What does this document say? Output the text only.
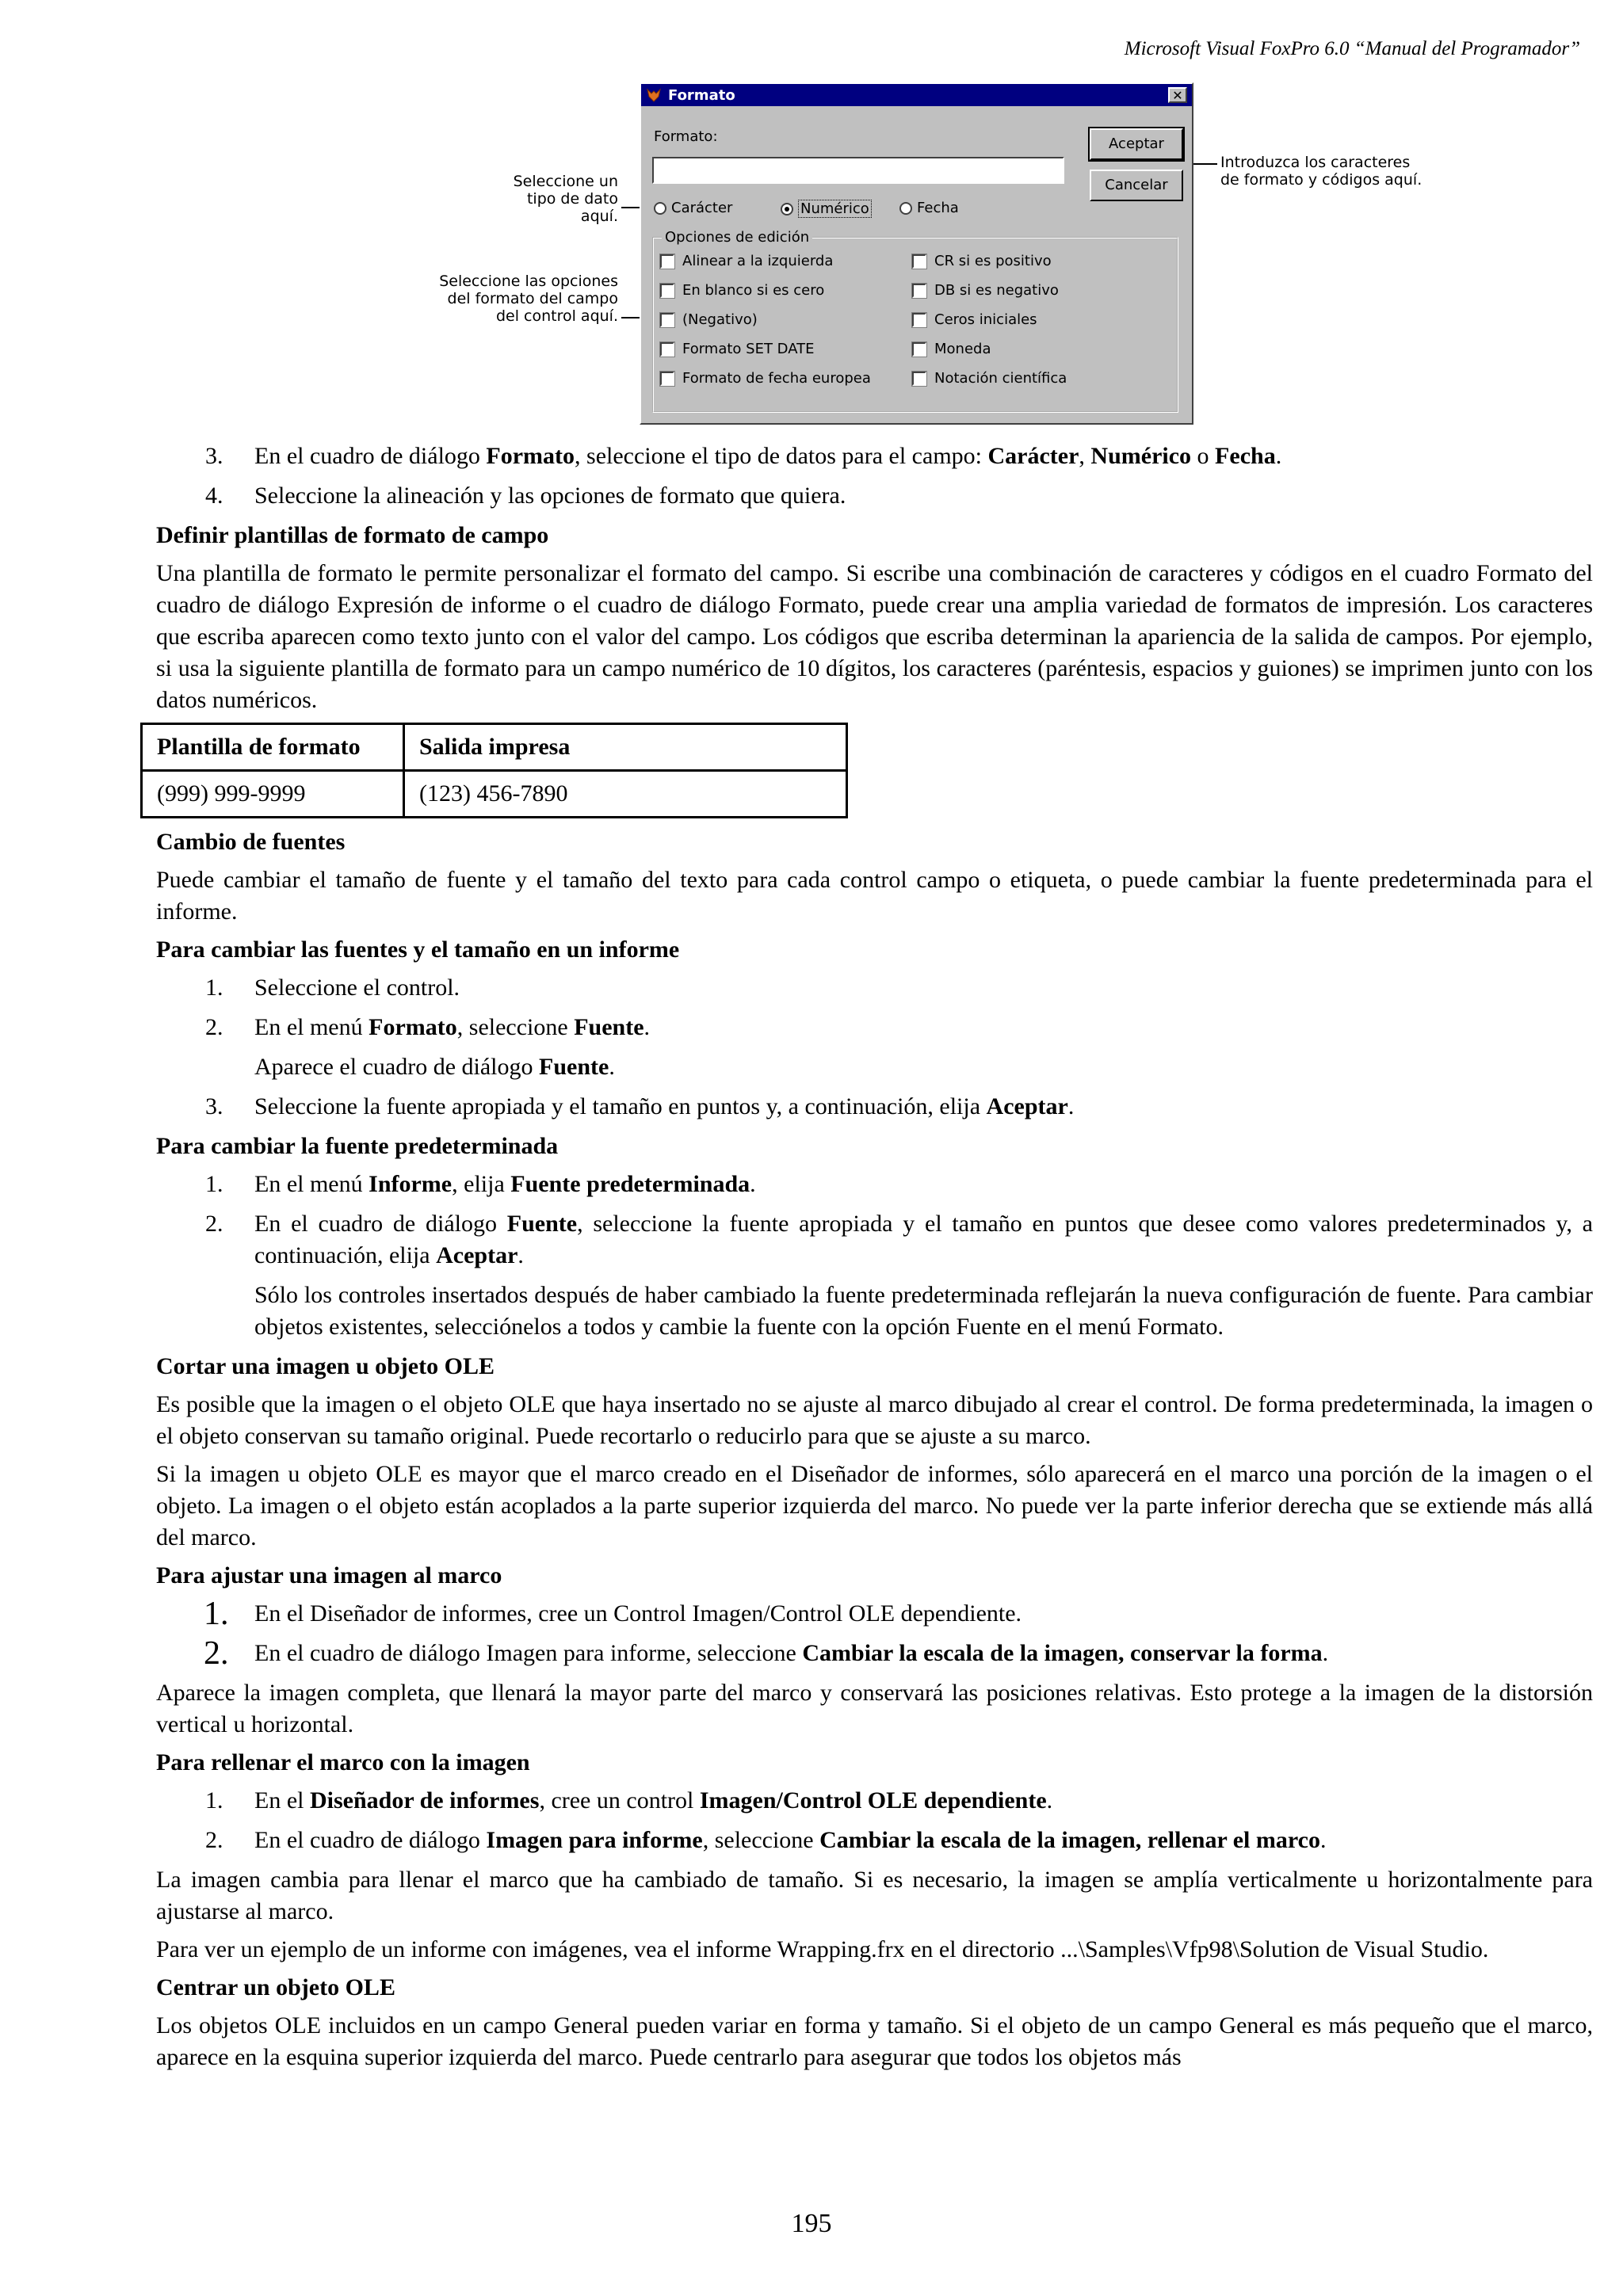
Microsoft Visual FoxPro 6.0 “Manual del Programador”
Seleccione un
tipo de dato
aquí.
Seleccione las opciones
del formato del campo
del control aquí.
Introduzca los caracteres
de formato y códigos aquí.
Formato	✕
Formato:	Aceptar
Cancelar
Carácter	Numérico	Fecha
Opciones de edición
Alinear a la izquierda
En blanco si es cero
(Negativo)
Formato SET DATE
Formato de fecha europea
CR si es positivo
DB si es negativo
Ceros iniciales
Moneda
Notación científica
3. En el cuadro de diálogo Formato, seleccione el tipo de datos para el campo: Carácter, Numérico o Fecha.
4. Seleccione la alineación y las opciones de formato que quiera.
Definir plantillas de formato de campo

Una plantilla de formato le permite personalizar el formato del campo. Si escribe una combinación de caracteres y códigos en el cuadro Formato del cuadro de diálogo Expresión de informe o el cuadro de diálogo Formato, puede crear una amplia variedad de formatos de impresión. Los caracteres que escriba aparecen como texto junto con el valor del campo. Los códigos que escriba determinan la apariencia de la salida de campos. Por ejemplo, si usa la siguiente plantilla de formato para un campo numérico de 10 dígitos, los caracteres (paréntesis, espacios y guiones) se imprimen junto con los datos numéricos.

Plantilla de formato	Salida impresa
(999) 999-9999	(123) 456-7890
Cambio de fuentes

Puede cambiar el tamaño de fuente y el tamaño del texto para cada control campo o etiqueta, o puede cambiar la fuente predeterminada para el informe.

Para cambiar las fuentes y el tamaño en un informe
1. Seleccione el control.
2. En el menú Formato, seleccione Fuente.
Aparece el cuadro de diálogo Fuente.
3. Seleccione la fuente apropiada y el tamaño en puntos y, a continuación, elija Aceptar.
Para cambiar la fuente predeterminada
1. En el menú Informe, elija Fuente predeterminada.
2. En el cuadro de diálogo Fuente, seleccione la fuente apropiada y el tamaño en puntos que desee como valores predeterminados y, a continuación, elija Aceptar.
Sólo los controles insertados después de haber cambiado la fuente predeterminada reflejarán la nueva configuración de fuente. Para cambiar objetos existentes, selecciónelos a todos y cambie la fuente con la opción Fuente en el menú Formato.
Cortar una imagen u objeto OLE

Es posible que la imagen o el objeto OLE que haya insertado no se ajuste al marco dibujado al crear el control. De forma predeterminada, la imagen o el objeto conservan su tamaño original. Puede recortarlo o reducirlo para que se ajuste a su marco.

Si la imagen u objeto OLE es mayor que el marco creado en el Diseñador de informes, sólo aparecerá en el marco una porción de la imagen o el objeto. La imagen o el objeto están acoplados a la parte superior izquierda del marco. No puede ver la parte inferior derecha que se extiende más allá del marco.

Para ajustar una imagen al marco
1. En el Diseñador de informes, cree un Control Imagen/Control OLE dependiente.
2. En el cuadro de diálogo Imagen para informe, seleccione Cambiar la escala de la imagen, conservar la forma.

Aparece la imagen completa, que llenará la mayor parte del marco y conservará las posiciones relativas. Esto protege a la imagen de la distorsión vertical u horizontal.

Para rellenar el marco con la imagen
1. En el Diseñador de informes, cree un control Imagen/Control OLE dependiente.
2. En el cuadro de diálogo Imagen para informe, seleccione Cambiar la escala de la imagen, rellenar el marco.

La imagen cambia para llenar el marco que ha cambiado de tamaño. Si es necesario, la imagen se amplía verticalmente u horizontalmente para ajustarse al marco.

Para ver un ejemplo de un informe con imágenes, vea el informe Wrapping.frx en el directorio ...\Samples\Vfp98\Solution de Visual Studio.

Centrar un objeto OLE

Los objetos OLE incluidos en un campo General pueden variar en forma y tamaño. Si el objeto de un campo General es más pequeño que el marco, aparece en la esquina superior izquierda del marco. Puede centrarlo para asegurar que todos los objetos más

195
